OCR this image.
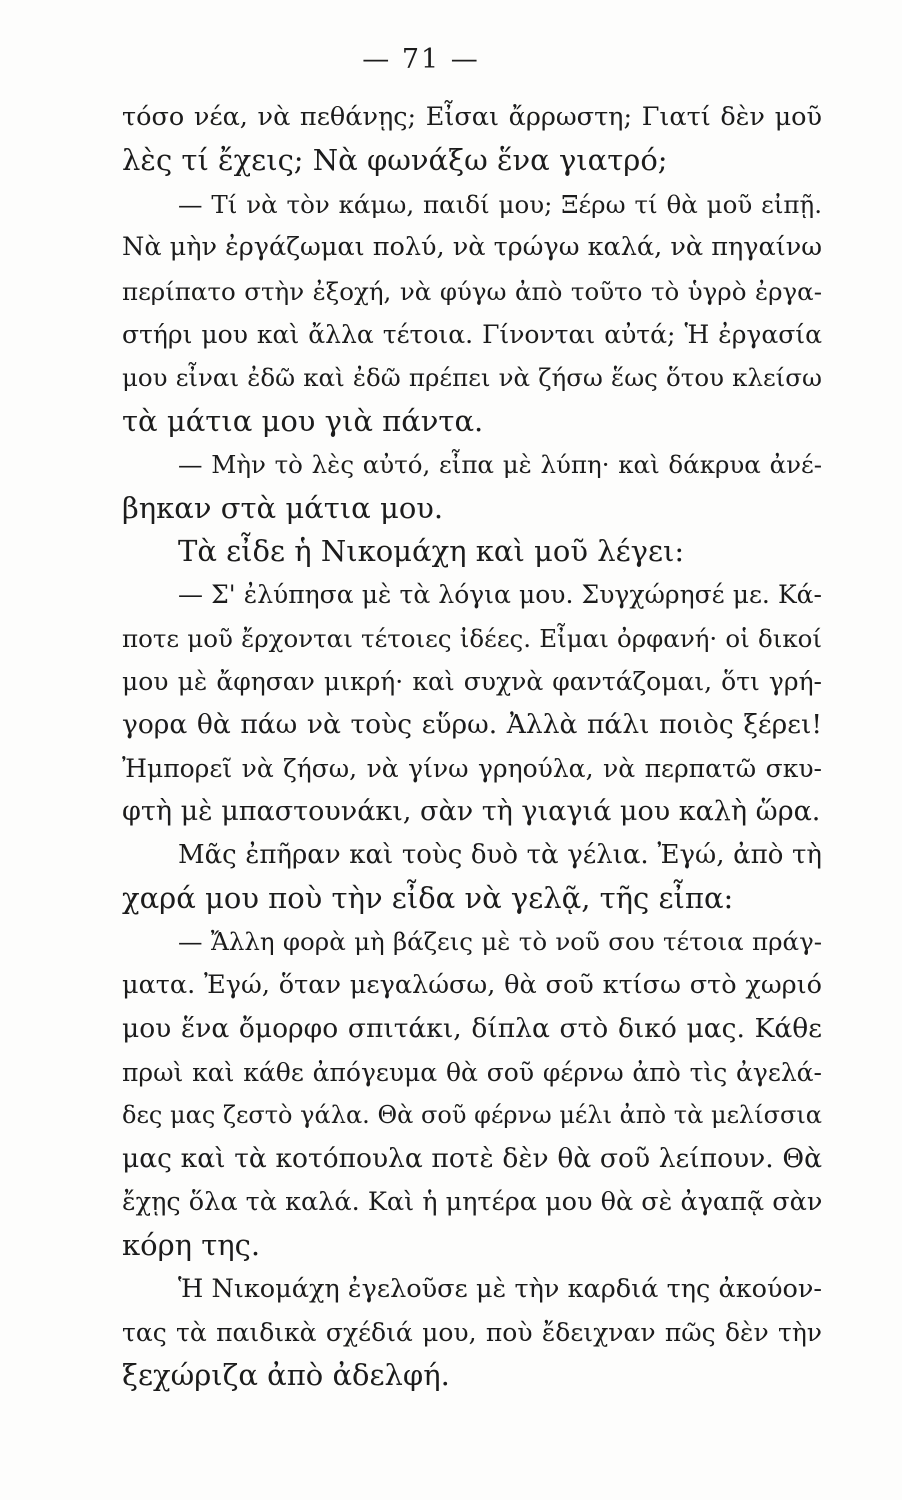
— 71 —
τόσο νέα, νὰ πεθάνῃς; Εἶσαι ἄρρωστη; Γιατί δὲν μοῦ
λὲς τί ἔχεις; Νὰ φωνάξω ἕνα γιατρό;
— Τί νὰ τὸν κάμω, παιδί μου; Ξέρω τί θὰ μοῦ εἰπῇ.
Νὰ μὴν ἐργάζωμαι πολύ, νὰ τρώγω καλά, νὰ πηγαίνω
περίπατο στὴν ἐξοχή, νὰ φύγω ἀπὸ τοῦτο τὸ ὑγρὸ ἐργα-
στήρι μου καὶ ἄλλα τέτοια. Γίνονται αὐτά; Ἡ ἐργασία
μου εἶναι ἐδῶ καὶ ἐδῶ πρέπει νὰ ζήσω ἕως ὅτου κλείσω
τὰ μάτια μου γιὰ πάντα.
— Μὴν τὸ λὲς αὐτό, εἶπα μὲ λύπη· καὶ δάκρυα ἀνέ-
βηκαν στὰ μάτια μου.
Τὰ εἶδε ἡ Νικομάχη καὶ μοῦ λέγει:
— Σ' ἐλύπησα μὲ τὰ λόγια μου. Συγχώρησέ με. Κά-
ποτε μοῦ ἔρχονται τέτοιες ἰδέες. Εἶμαι ὀρφανή· οἱ δικοί
μου μὲ ἄφησαν μικρή· καὶ συχνὰ φαντάζομαι, ὅτι γρή-
γορα θὰ πάω νὰ τοὺς εὕρω. Ἀλλὰ πάλι ποιὸς ξέρει!
Ἠμπορεῖ νὰ ζήσω, νὰ γίνω γρηούλα, νὰ περπατῶ σκυ-
φτὴ μὲ μπαστουνάκι, σὰν τὴ γιαγιά μου καλὴ ὥρα.
Μᾶς ἐπῆραν καὶ τοὺς δυὸ τὰ γέλια. Ἐγώ, ἀπὸ τὴ
χαρά μου ποὺ τὴν εἶδα νὰ γελᾷ, τῆς εἶπα:
— Ἄλλη φορὰ μὴ βάζεις μὲ τὸ νοῦ σου τέτοια πράγ-
ματα. Ἐγώ, ὅταν μεγαλώσω, θὰ σοῦ κτίσω στὸ χωριό
μου ἕνα ὄμορφο σπιτάκι, δίπλα στὸ δικό μας. Κάθε
πρωὶ καὶ κάθε ἀπόγευμα θὰ σοῦ φέρνω ἀπὸ τὶς ἀγελά-
δες μας ζεστὸ γάλα. Θὰ σοῦ φέρνω μέλι ἀπὸ τὰ μελίσσια
μας καὶ τὰ κοτόπουλα ποτὲ δὲν θὰ σοῦ λείπουν. Θὰ
ἔχῃς ὅλα τὰ καλά. Καὶ ἡ μητέρα μου θὰ σὲ ἀγαπᾷ σὰν
κόρη της.
Ἡ Νικομάχη ἐγελοῦσε μὲ τὴν καρδιά της ἀκούον-
τας τὰ παιδικὰ σχέδιά μου, ποὺ ἔδειχναν πῶς δὲν τὴν
ξεχώριζα ἀπὸ ἀδελφή.
